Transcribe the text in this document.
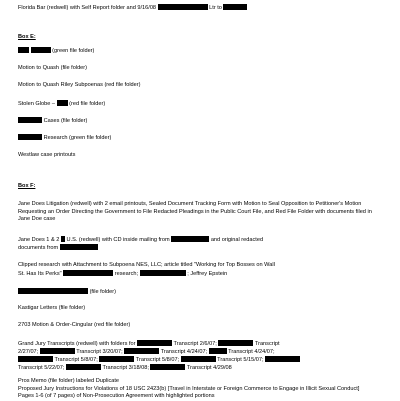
Florida Bar (redwell) with Self Report folder and 9/16/08	Ltr to
Box E:
(green file folder)
Motion to Quash (file folder)
Motion to Quash Riley Subpoenas (red file folder)
Stolen Globe –	(red file folder)
Cases (file folder)
Research (green file folder)
Westlaw case printouts
Box F:
Jane Does Litigation (redwell) with 2 email printouts, Sealed Document Tracking Form with Motion to Seal Opposition to Petitioner's Motion Requesting an Order Directing the Government to File Redacted Pleadings in the Public Court File, and Red File Folder with documents filed in Jane Doe case
Jane Does 1 & 2 U.S. (redwell) with CD inside mailing from	and original redacted
documents from
Clipped research with Attachment to Subpoena NES, LLC; article titled "Working for Top Bosses on Wall
St. Has Its Perks"	research;	; Jeffrey Epstein
(file folder)
Kastigar Letters (file folder)
2703 Motion & Order-Cingular (red file folder)
Grand Jury Transcripts (redwell) with folders for	Transcript 2/6/07;	Transcript
2/27/07;	Transcript 3/20/07;	Transcript 4/24/07;	Transcript 4/24/07;
Transcript 5/8/07;	Transcript 5/8/07;	Transcript 5/15/07;
Transcript 5/22/07;	Transcript 3/18/08;	Transcript 4/29/08
Pros Memo (file folder) labeled Duplicate
Proposed Jury Instructions for Violations of 18 USC 2423(b) [Travel in Interstate or Foreign Commerce to Engage in Illicit Sexual Conduct]
Pages 1-6 (of 7 pages) of Non-Prosecution Agreement with highlighted portions
